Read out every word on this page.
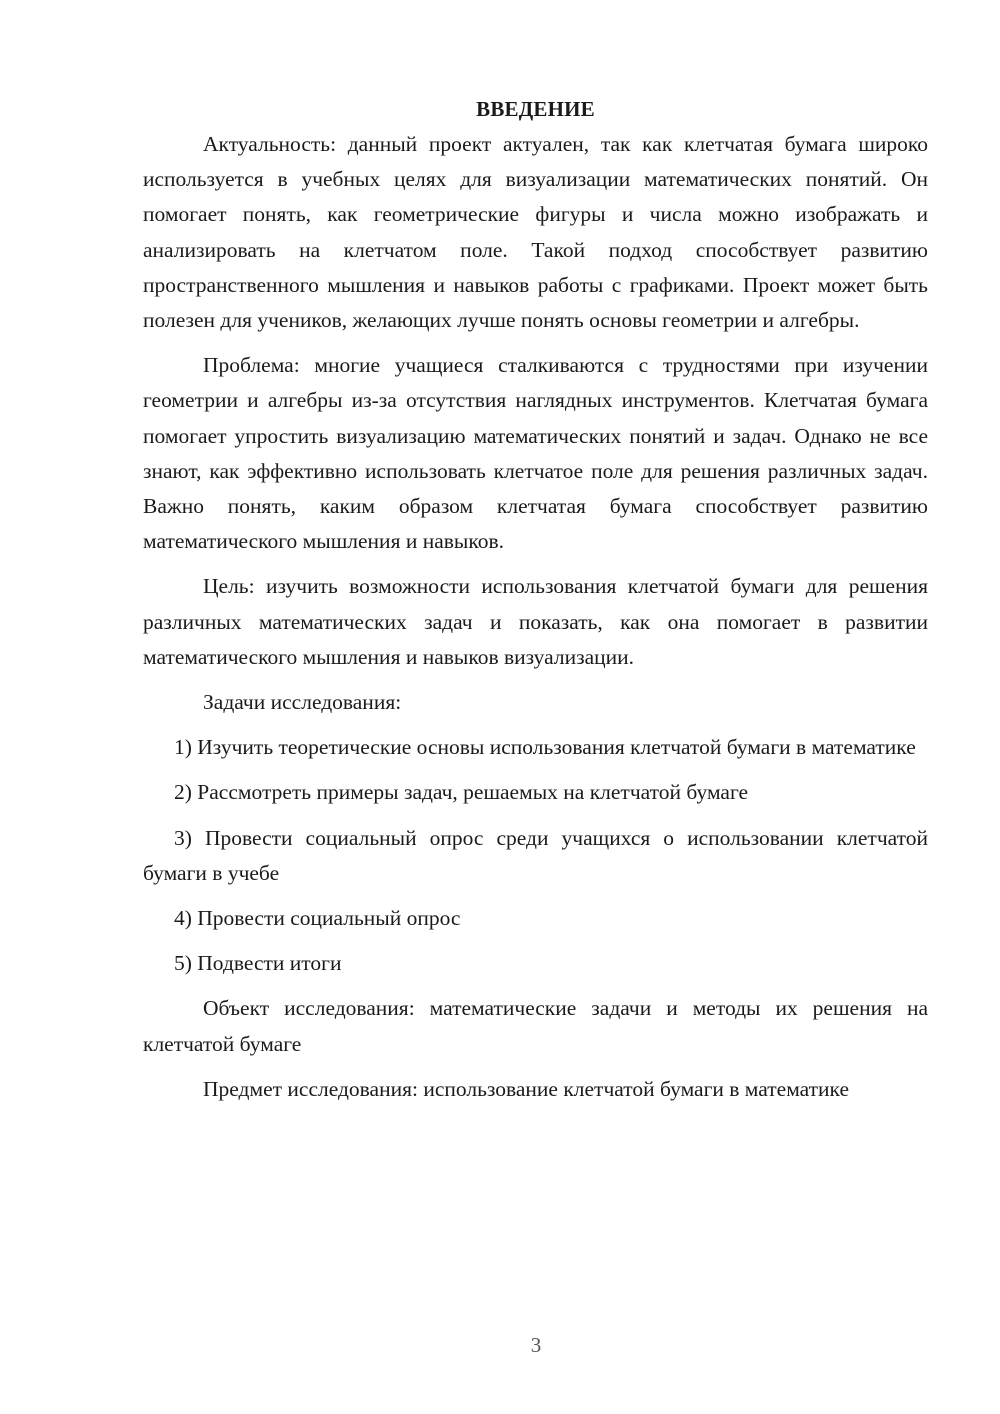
ВВЕДЕНИЕ

Актуальность: данный проект актуален, так как клетчатая бумага широко используется в учебных целях для визуализации математических понятий. Он помогает понять, как геометрические фигуры и числа можно изображать и анализировать на клетчатом поле. Такой подход способствует развитию пространственного мышления и навыков работы с графиками. Проект может быть полезен для учеников, желающих лучше понять основы геометрии и алгебры.

Проблема: многие учащиеся сталкиваются с трудностями при изучении геометрии и алгебры из-за отсутствия наглядных инструментов. Клетчатая бумага помогает упростить визуализацию математических понятий и задач. Однако не все знают, как эффективно использовать клетчатое поле для решения различных задач. Важно понять, каким образом клетчатая бумага способствует развитию математического мышления и навыков.

Цель: изучить возможности использования клетчатой бумаги для решения различных математических задач и показать, как она помогает в развитии математического мышления и навыков визуализации.

Задачи исследования:

1) Изучить теоретические основы использования клетчатой бумаги в математике

2) Рассмотреть примеры задач, решаемых на клетчатой бумаге

3) Провести социальный опрос среди учащихся о использовании клетчатой бумаги в учебе

4) Провести социальный опрос

5) Подвести итоги

Объект исследования: математические задачи и методы их решения на клетчатой бумаге

Предмет исследования: использование клетчатой бумаги в математике

3
